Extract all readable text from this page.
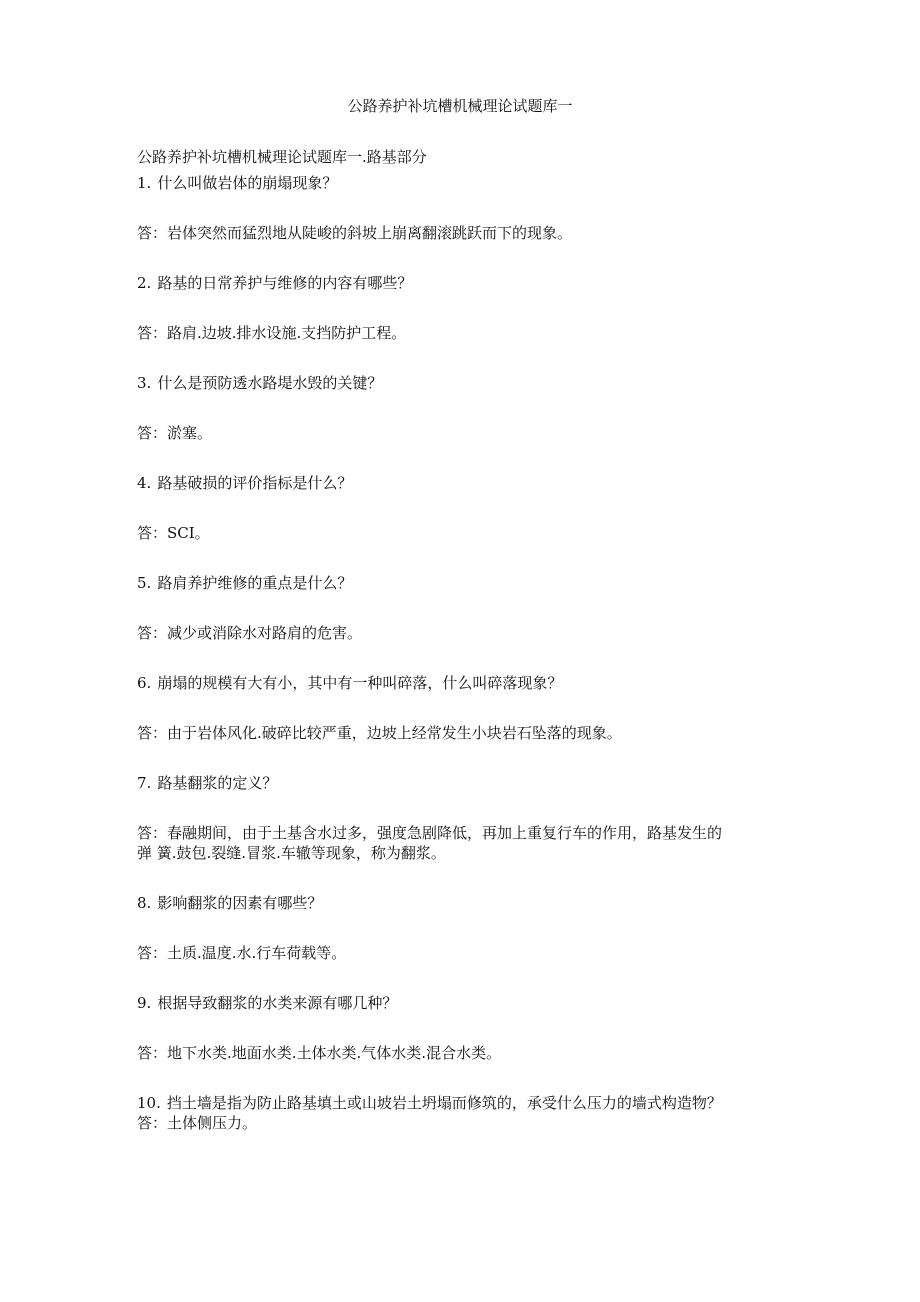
公路养护补坑槽机械理论试题库一

公路养护补坑槽机械理论试题库一.路基部分

1. 什么叫做岩体的崩塌现象？

答：岩体突然而猛烈地从陡峻的斜坡上崩离翻滚跳跃而下的现象。

2. 路基的日常养护与维修的内容有哪些？

答：路肩.边坡.排水设施.支挡防护工程。

3. 什么是预防透水路堤水毁的关键？

答：淤塞。

4. 路基破损的评价指标是什么？

答：SCI。

5. 路肩养护维修的重点是什么？

答：减少或消除水对路肩的危害。

6. 崩塌的规模有大有小，其中有一种叫碎落，什么叫碎落现象？

答：由于岩体风化.破碎比较严重，边坡上经常发生小块岩石坠落的现象。

7. 路基翻浆的定义？

答：春融期间，由于土基含水过多，强度急剧降低，再加上重复行车的作用，路基发生的

弹 簧.鼓包.裂缝.冒浆.车辙等现象，称为翻浆。

8. 影响翻浆的因素有哪些？

答：土质.温度.水.行车荷载等。

9. 根据导致翻浆的水类来源有哪几种？

答：地下水类.地面水类.土体水类.气体水类.混合水类。

10. 挡土墙是指为防止路基填土或山坡岩土坍塌而修筑的，承受什么压力的墙式构造物？

答：土体侧压力。
